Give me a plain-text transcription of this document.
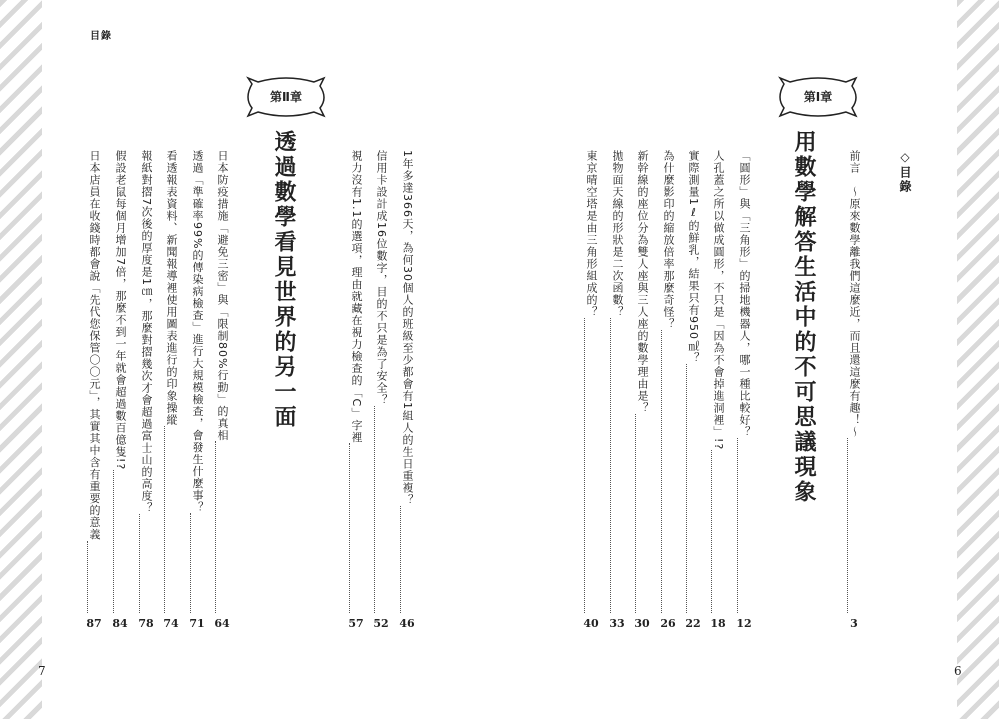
目錄
7	6
◇目錄
前言　～原來數學離我們這麼近，而且還這麼有趣！～
3
第Ⅰ章
用數學解答生活中的不可思議現象
「圓形」與「三角形」的掃地機器人，哪一種比較好？
12
人孔蓋之所以做成圓形，不只是「因為不會掉進洞裡」!?
18
實際測量1ℓ的鮮乳，結果只有950㎖？
22
為什麼影印的縮放倍率那麼奇怪？
26
新幹線的座位分為雙人座與三人座的數學理由是？
30
拋物面天線的形狀是二次函數？
33
東京晴空塔是由三角形組成的？
40
第Ⅱ章
透過數學看見世界的另一面	1年多達366天，為何30個人的班級至少都會有1組人的生日重複？
46
信用卡設計成16位數字，目的不只是為了安全？
52
視力沒有1.1的選項，理由就藏在視力檢查的「C」字裡
57
日本防疫措施「避免三密」與「限制80%行動」的真相
64
透過「準確率99%的傳染病檢查」進行大規模檢查，會發生什麼事？
71
看透報表資料、新聞報導裡使用圖表進行的印象操縱
74
報紙對摺7次後的厚度是1㎝，那麼對摺幾次才會超過富士山的高度？
78
假設老鼠每個月增加7倍，那麼不到一年就會超過數百億隻!?
84
日本店員在收錢時都會說「先代您保管〇〇元」，其實其中含有重要的意義
87
